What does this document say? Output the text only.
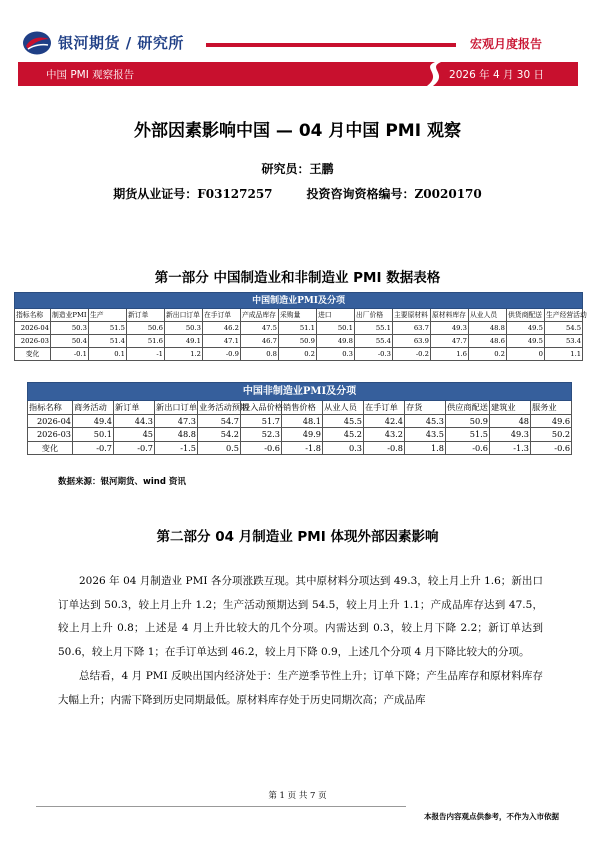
银河期货 / 研究所	宏观月度报告
中国 PMI 观察报告	2026 年 4 月 30 日
外部因素影响中国 — 04 月中国 PMI 观察
研究员：王鹏
期货从业证号：F03127257	投资咨询资格编号：Z0020170
第一部分 中国制造业和非制造业 PMI 数据表格
中国制造业PMI及分项														
指标名称	制造业PMI	生产	新订单	新出口订单	在手订单	产成品库存	采购量	进口	出厂价格	主要原材料	原材料库存	从业人员	供货商配送	生产经营活动
2026-04	50.3	51.5	50.6	50.3	46.2	47.5	51.1	50.1	55.1	63.7	49.3	48.8	49.5	54.5
2026-03	50.4	51.4	51.6	49.1	47.1	46.7	50.9	49.8	55.4	63.9	47.7	48.6	49.5	53.4
变化	-0.1	0.1	-1	1.2	-0.9	0.8	0.2	0.3	-0.3	-0.2	1.6	0.2	0	1.1
中国非制造业PMI及分项												
指标名称	商务活动	新订单	新出口订单	业务活动预期	投入品价格	销售价格	从业人员	在手订单	存货	供应商配送	建筑业	服务业
2026-04	49.4	44.3	47.3	54.7	51.7	48.1	45.5	42.4	45.3	50.9	48	49.6
2026-03	50.1	45	48.8	54.2	52.3	49.9	45.2	43.2	43.5	51.5	49.3	50.2
变化	-0.7	-0.7	-1.5	0.5	-0.6	-1.8	0.3	-0.8	1.8	-0.6	-1.3	-0.6
数据来源：银河期货、wind 资讯
第二部分 04 月制造业 PMI 体现外部因素影响

2026 年 04 月制造业 PMI 各分项涨跌互现。其中原材料分项达到 49.3，较上月上升 1.6；新出口订单达到 50.3，较上月上升 1.2；生产活动预期达到 54.5，较上月上升 1.1；产成品库存达到 47.5，较上月上升 0.8；上述是 4 月上升比较大的几个分项。内需达到 0.3，较上月下降 2.2；新订单达到 50.6，较上月下降 1；在手订单达到 46.2，较上月下降 0.9，上述几个分项 4 月下降比较大的分项。

总结看，4 月 PMI 反映出国内经济处于：生产逆季节性上升；订单下降；产生品库存和原材料库存大幅上升；内需下降到历史同期最低。原材料库存处于历史同期次高；产成品库

第 1 页 共 7 页
本报告内容观点供参考，不作为入市依据
